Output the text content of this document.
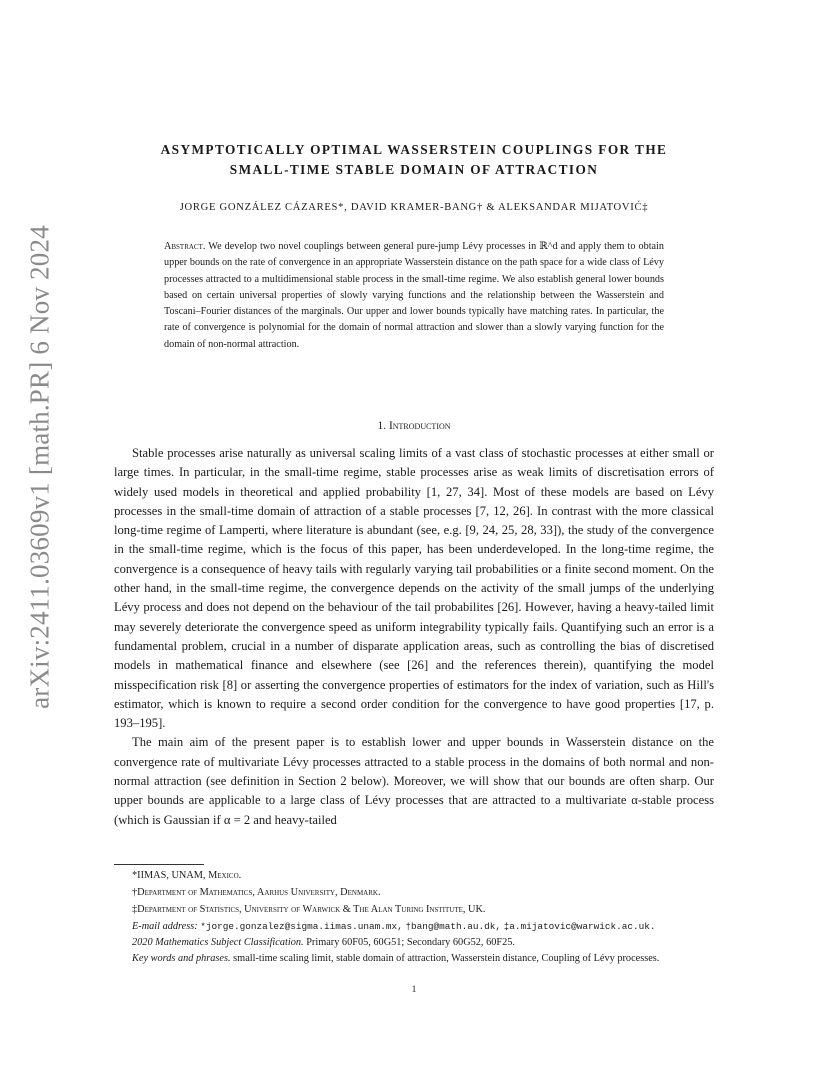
arXiv:2411.03609v1 [math.PR] 6 Nov 2024
ASYMPTOTICALLY OPTIMAL WASSERSTEIN COUPLINGS FOR THE
SMALL-TIME STABLE DOMAIN OF ATTRACTION
JORGE GONZÁLEZ CÁZARES*, DAVID KRAMER-BANG† & ALEKSANDAR MIJATOVIĆ‡
Abstract. We develop two novel couplings between general pure-jump Lévy processes in ℝ^d and apply them to obtain upper bounds on the rate of convergence in an appropriate Wasserstein distance on the path space for a wide class of Lévy processes attracted to a multidimensional stable process in the small-time regime. We also establish general lower bounds based on certain universal properties of slowly varying functions and the relationship between the Wasserstein and Toscani–Fourier distances of the marginals. Our upper and lower bounds typically have matching rates. In particular, the rate of convergence is polynomial for the domain of normal attraction and slower than a slowly varying function for the domain of non-normal attraction.
1. Introduction

Stable processes arise naturally as universal scaling limits of a vast class of stochastic processes at either small or large times. In particular, in the small-time regime, stable processes arise as weak limits of discretisation errors of widely used models in theoretical and applied probability [1, 27, 34]. Most of these models are based on Lévy processes in the small-time domain of attraction of a stable processes [7, 12, 26]. In contrast with the more classical long-time regime of Lamperti, where literature is abundant (see, e.g. [9, 24, 25, 28, 33]), the study of the convergence in the small-time regime, which is the focus of this paper, has been underdeveloped. In the long-time regime, the convergence is a consequence of heavy tails with regularly varying tail probabilities or a finite second moment. On the other hand, in the small-time regime, the convergence depends on the activity of the small jumps of the underlying Lévy process and does not depend on the behaviour of the tail probabilites [26]. However, having a heavy-tailed limit may severely deteriorate the convergence speed as uniform integrability typically fails. Quantifying such an error is a fundamental problem, crucial in a number of disparate application areas, such as controlling the bias of discretised models in mathematical finance and elsewhere (see [26] and the references therein), quantifying the model misspecification risk [8] or asserting the convergence properties of estimators for the index of variation, such as Hill's estimator, which is known to require a second order condition for the convergence to have good properties [17, p. 193–195].

The main aim of the present paper is to establish lower and upper bounds in Wasserstein distance on the convergence rate of multivariate Lévy processes attracted to a stable process in the domains of both normal and non-normal attraction (see definition in Section 2 below). Moreover, we will show that our bounds are often sharp. Our upper bounds are applicable to a large class of Lévy processes that are attracted to a multivariate α-stable process (which is Gaussian if α = 2 and heavy-tailed

*IIMAS, UNAM, Mexico.
†Department of Mathematics, Aarhus University, Denmark.
‡Department of Statistics, University of Warwick & The Alan Turing Institute, UK.
E-mail address: *jorge.gonzalez@sigma.iimas.unam.mx, †bang@math.au.dk, ‡a.mijatovic@warwick.ac.uk.
2020 Mathematics Subject Classification. Primary 60F05, 60G51; Secondary 60G52, 60F25.
Key words and phrases. small-time scaling limit, stable domain of attraction, Wasserstein distance, Coupling of Lévy processes.
1
